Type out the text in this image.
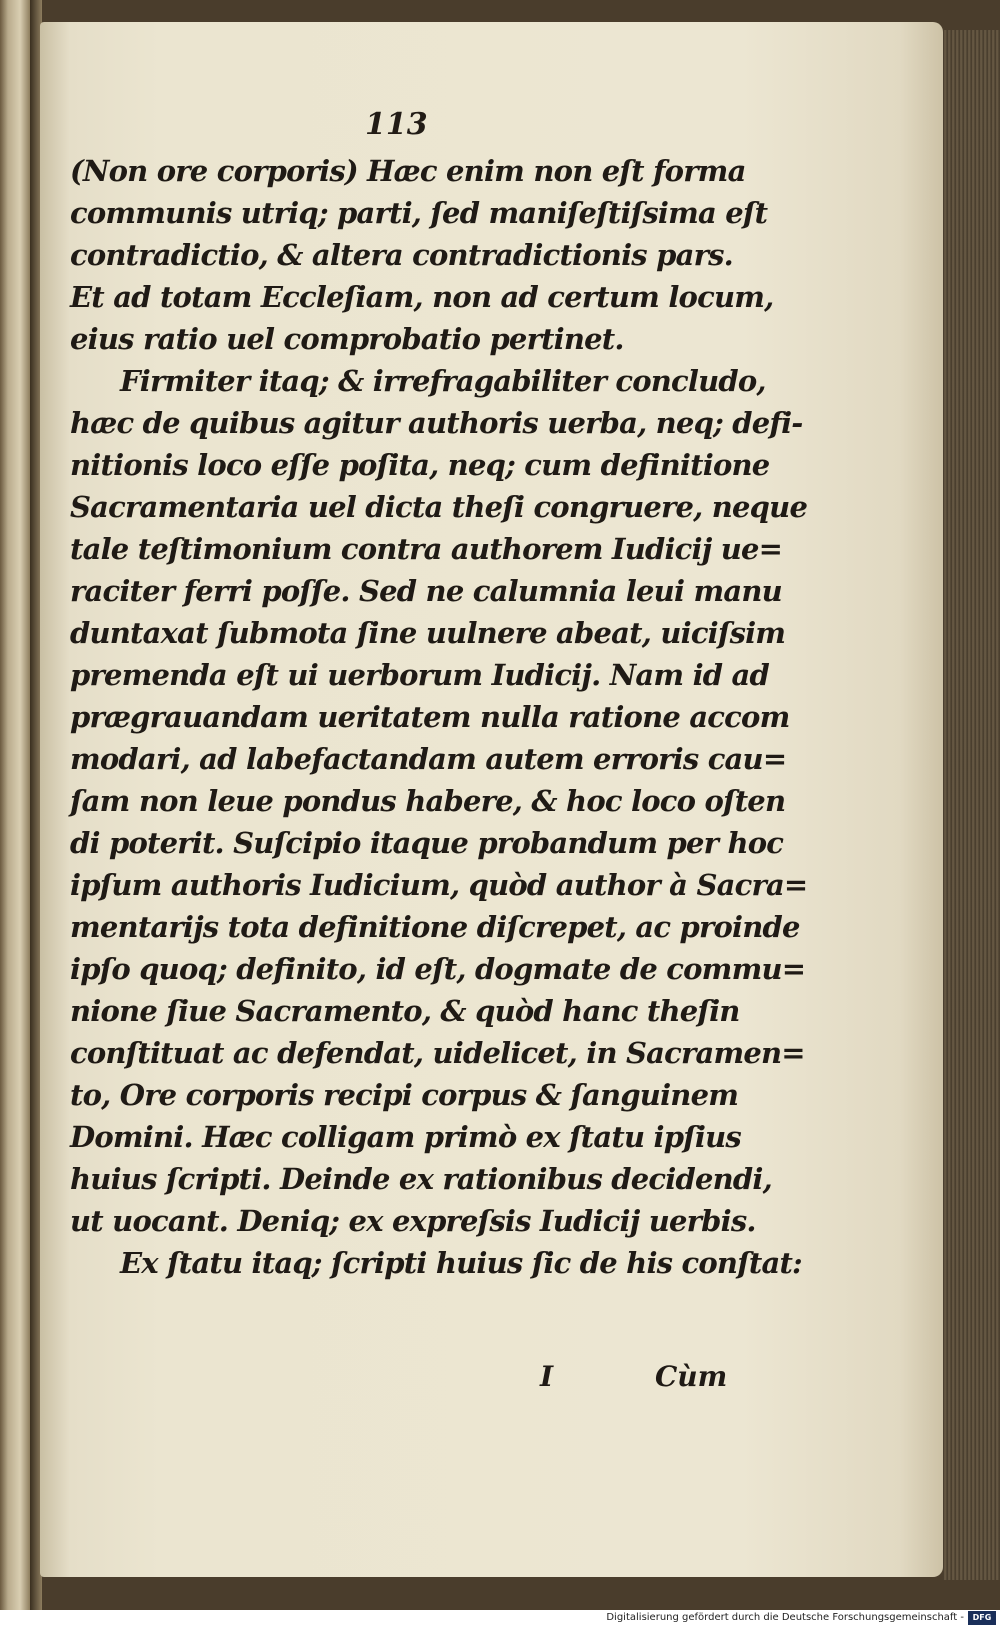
113
(Non ore corporis) Hæc enim non eſt forma
communis utriq; parti, ſed maniſeſtiſsima eſt
contradictio, & altera contradictionis pars.
Et ad totam Eccleſiam, non ad certum locum,
eius ratio uel comprobatio pertinet.
Firmiter itaq; & irrefragabiliter concludo,
hæc de quibus agitur authoris uerba, neq; defi-
nitionis loco eſſe poſita, neq; cum definitione
Sacramentaria uel dicta theſi congruere, neque
tale teſtimonium contra authorem Iudicij ue=
raciter ferri poſſe. Sed ne calumnia leui manu
duntaxat ſubmota ſine uulnere abeat, uiciſsim
premenda eſt ui uerborum Iudicij. Nam id ad
prægrauandam ueritatem nulla ratione accom
modari, ad labefactandam autem erroris cau=
ſam non leue pondus habere, & hoc loco oſten
di poterit. Suſcipio itaque probandum per hoc
ipſum authoris Iudicium, quòd author à Sacra=
mentarijs tota definitione diſcrepet, ac proinde
ipſo quoq; definito, id eſt, dogmate de commu=
nione ſiue Sacramento, & quòd hanc theſin
conſtituat ac defendat, uidelicet, in Sacramen=
to, Ore corporis recipi corpus & ſanguinem
Domini. Hæc colligam primò ex ſtatu ipſius
huius ſcripti. Deinde ex rationibus decidendi,
ut uocant. Deniq; ex expreſsis Iudicij uerbis.
Ex ſtatu itaq; ſcripti huius ſic de his conſtat:
I	Cùm
Digitalisierung gefördert durch die Deutsche Forschungsgemeinschaft -	DFG
